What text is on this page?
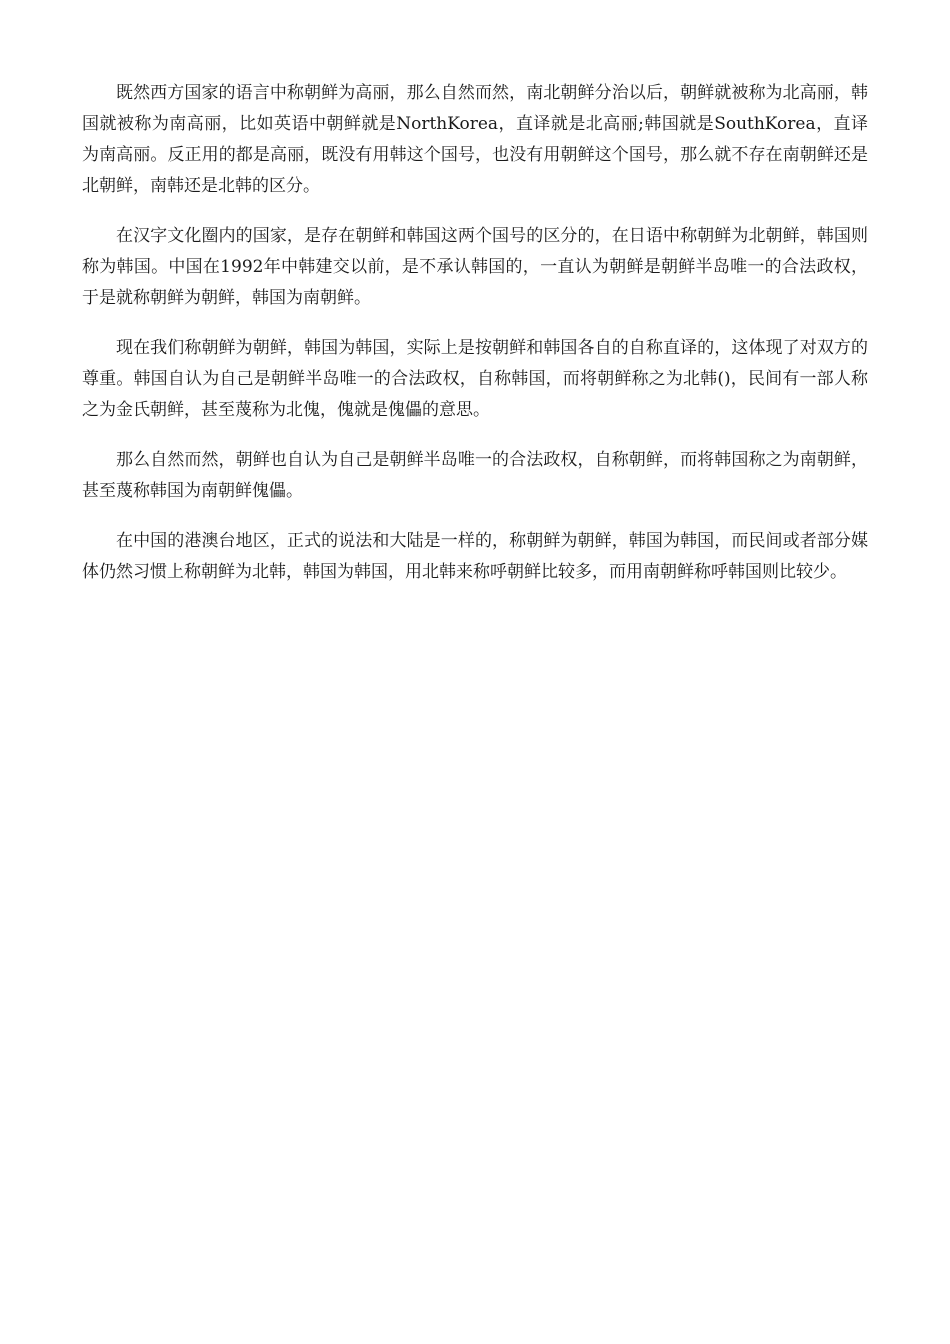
既然西方国家的语言中称朝鲜为高丽，那么自然而然，南北朝鲜分治以后，朝鲜就被称为北高丽，韩国就被称为南高丽，比如英语中朝鲜就是NorthKorea，直译就是北高丽;韩国就是SouthKorea，直译为南高丽。反正用的都是高丽，既没有用韩这个国号，也没有用朝鲜这个国号，那么就不存在南朝鲜还是北朝鲜，南韩还是北韩的区分。

在汉字文化圈内的国家，是存在朝鲜和韩国这两个国号的区分的，在日语中称朝鲜为北朝鲜，韩国则称为韩国。中国在1992年中韩建交以前，是不承认韩国的，一直认为朝鲜是朝鲜半岛唯一的合法政权，于是就称朝鲜为朝鲜，韩国为南朝鲜。

现在我们称朝鲜为朝鲜，韩国为韩国，实际上是按朝鲜和韩国各自的自称直译的，这体现了对双方的尊重。韩国自认为自己是朝鲜半岛唯一的合法政权，自称韩国，而将朝鲜称之为北韩()，民间有一部人称之为金氏朝鲜，甚至蔑称为北傀，傀就是傀儡的意思。

那么自然而然，朝鲜也自认为自己是朝鲜半岛唯一的合法政权，自称朝鲜，而将韩国称之为南朝鲜，甚至蔑称韩国为南朝鲜傀儡。

在中国的港澳台地区，正式的说法和大陆是一样的，称朝鲜为朝鲜，韩国为韩国，而民间或者部分媒体仍然习惯上称朝鲜为北韩，韩国为韩国，用北韩来称呼朝鲜比较多，而用南朝鲜称呼韩国则比较少。
